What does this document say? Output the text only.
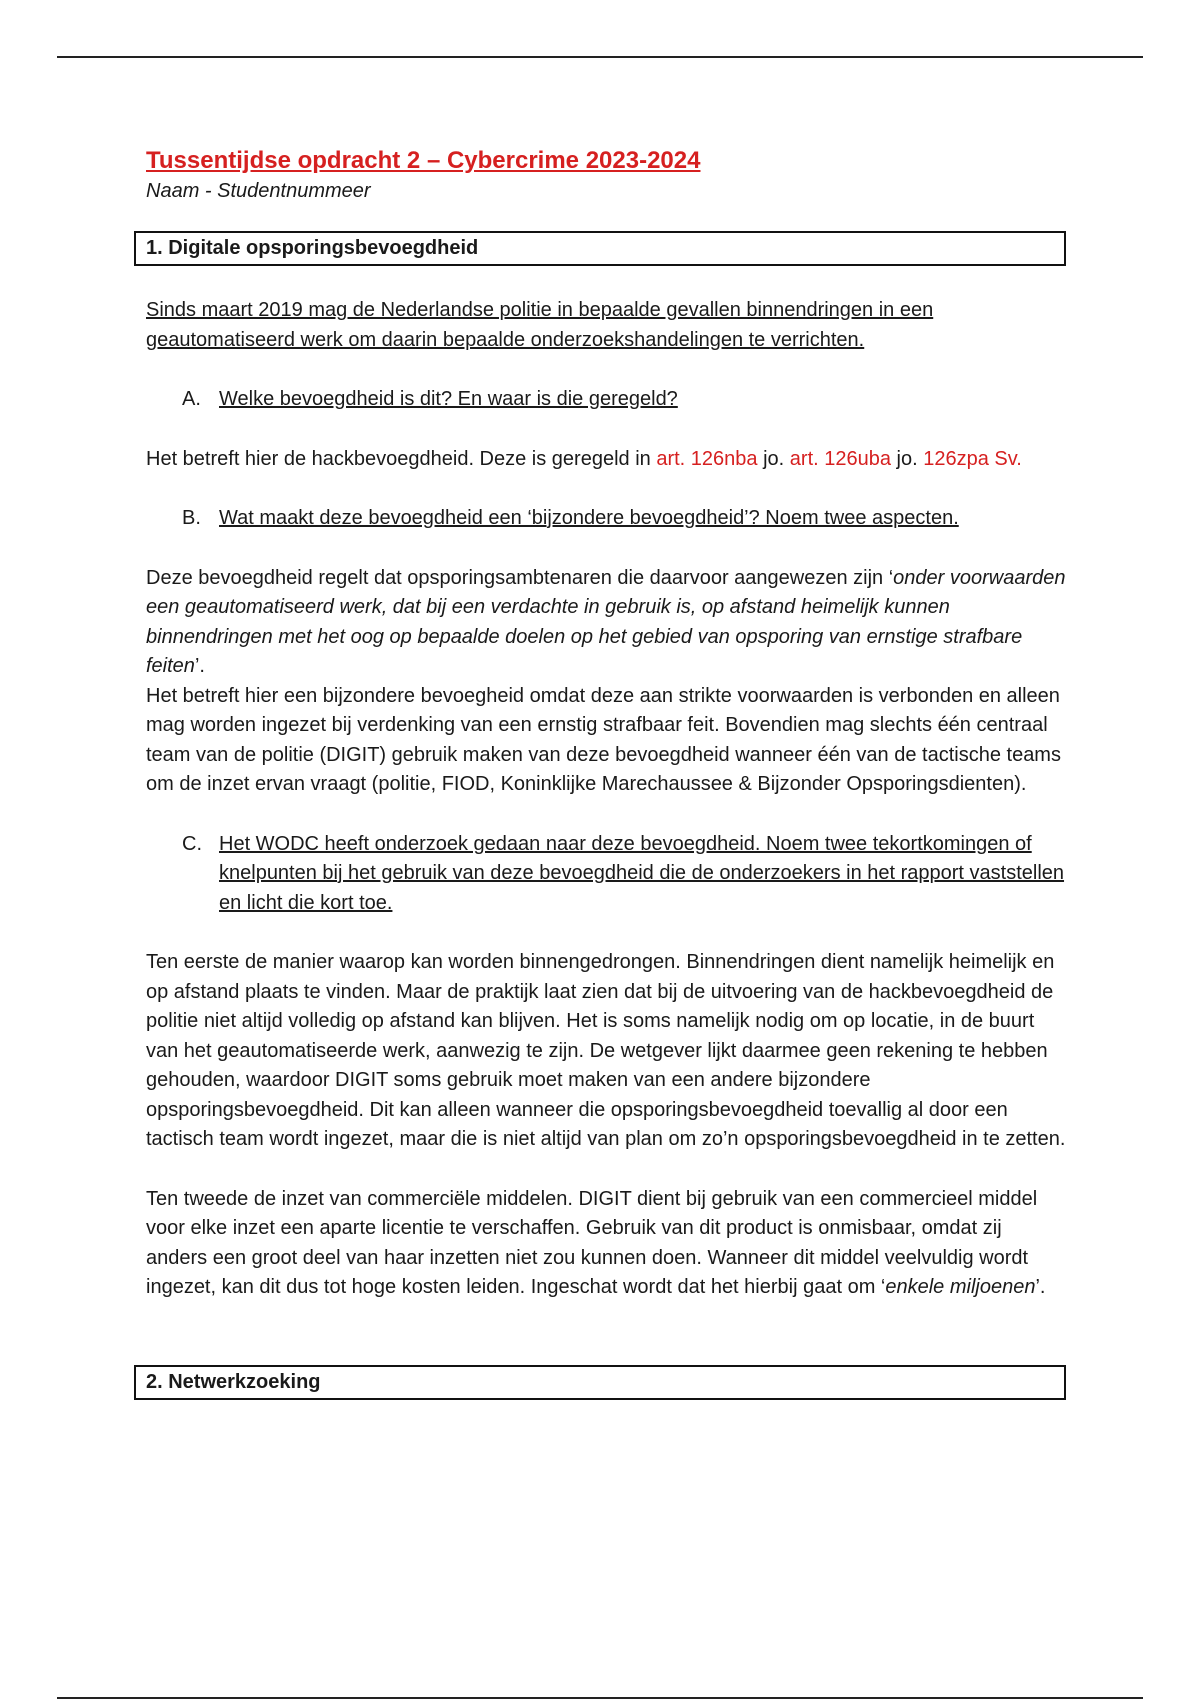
Tussentijdse opdracht 2 – Cybercrime 2023-2024

Naam - Studentnummeer

1. Digitale opsporingsbevoegdheid

Sinds maart 2019 mag de Nederlandse politie in bepaalde gevallen binnendringen in een geautomatiseerd werk om daarin bepaalde onderzoekshandelingen te verrichten.

A. Welke bevoegdheid is dit? En waar is die geregeld?

Het betreft hier de hackbevoegdheid. Deze is geregeld in art. 126nba jo. art. 126uba jo. 126zpa Sv.

B. Wat maakt deze bevoegdheid een ‘bijzondere bevoegdheid’? Noem twee aspecten.

Deze bevoegdheid regelt dat opsporingsambtenaren die daarvoor aangewezen zijn ‘onder voorwaarden een geautomatiseerd werk, dat bij een verdachte in gebruik is, op afstand heimelijk kunnen binnendringen met het oog op bepaalde doelen op het gebied van opsporing van ernstige strafbare feiten’.

Het betreft hier een bijzondere bevoegheid omdat deze aan strikte voorwaarden is verbonden en alleen mag worden ingezet bij verdenking van een ernstig strafbaar feit. Bovendien mag slechts één centraal team van de politie (DIGIT) gebruik maken van deze bevoegdheid wanneer één van de tactische teams om de inzet ervan vraagt (politie, FIOD, Koninklijke Marechaussee & Bijzonder Opsporingsdienten).

C. Het WODC heeft onderzoek gedaan naar deze bevoegdheid. Noem twee tekortkomingen of knelpunten bij het gebruik van deze bevoegdheid die de onderzoekers in het rapport vaststellen en licht die kort toe.

Ten eerste de manier waarop kan worden binnengedrongen. Binnendringen dient namelijk heimelijk en op afstand plaats te vinden. Maar de praktijk laat zien dat bij de uitvoering van de hackbevoegdheid de politie niet altijd volledig op afstand kan blijven. Het is soms namelijk nodig om op locatie, in de buurt van het geautomatiseerde werk, aanwezig te zijn. De wetgever lijkt daarmee geen rekening te hebben gehouden, waardoor DIGIT soms gebruik moet maken van een andere bijzondere opsporingsbevoegdheid. Dit kan alleen wanneer die opsporingsbevoegdheid toevallig al door een tactisch team wordt ingezet, maar die is niet altijd van plan om zo’n opsporingsbevoegdheid in te zetten.

Ten tweede de inzet van commerciële middelen. DIGIT dient bij gebruik van een commercieel middel voor elke inzet een aparte licentie te verschaffen. Gebruik van dit product is onmisbaar, omdat zij anders een groot deel van haar inzetten niet zou kunnen doen. Wanneer dit middel veelvuldig wordt ingezet, kan dit dus tot hoge kosten leiden. Ingeschat wordt dat het hierbij gaat om ‘enkele miljoenen’.

2. Netwerkzoeking
